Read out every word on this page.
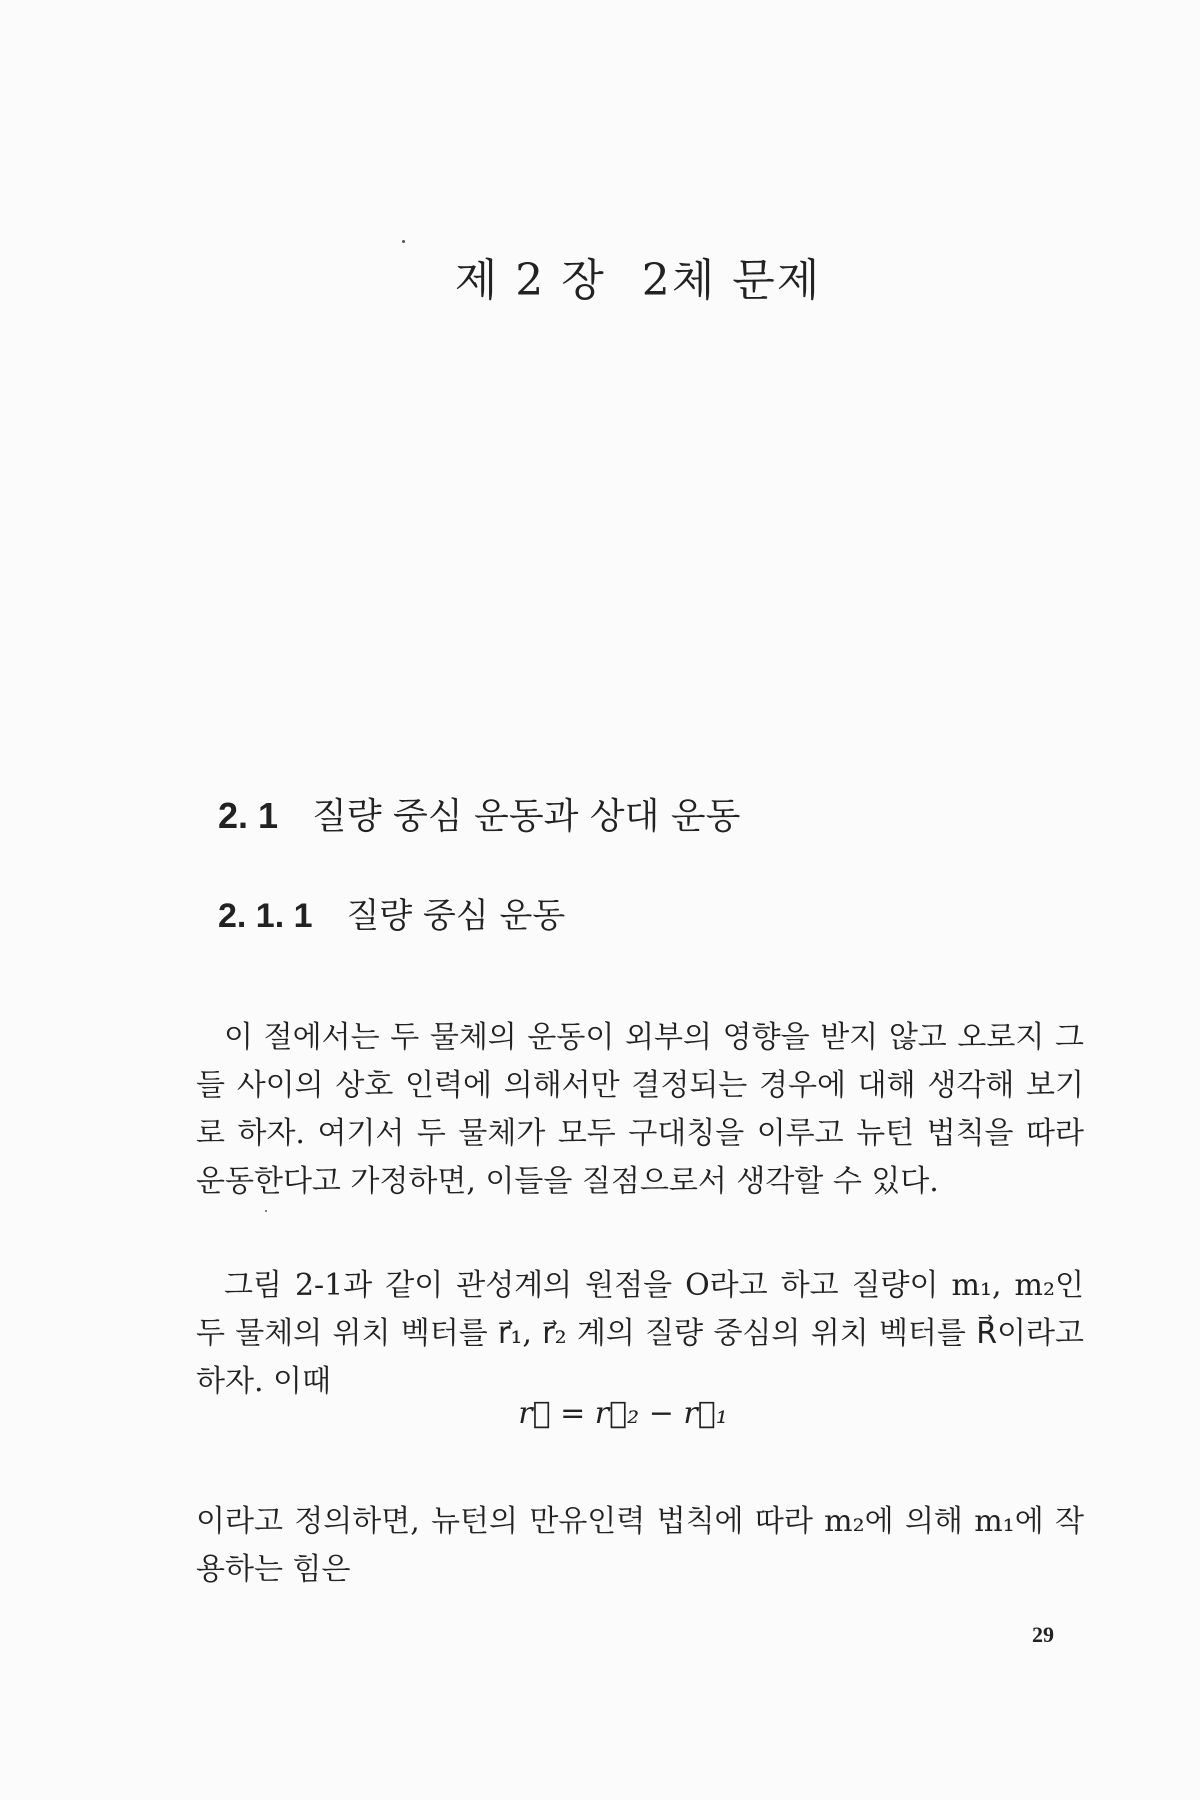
제 2 장 2체 문제
2. 1 질량 중심 운동과 상대 운동
2. 1. 1 질량 중심 운동

이 절에서는 두 물체의 운동이 외부의 영향을 받지 않고 오로지 그들 사이의 상호 인력에 의해서만 결정되는 경우에 대해 생각해 보기로 하자. 여기서 두 물체가 모두 구대칭을 이루고 뉴턴 법칙을 따라 운동한다고 가정하면, 이들을 질점으로서 생각할 수 있다.

그림 2-1과 같이 관성계의 원점을 O라고 하고 질량이 m₁, m₂인 두 물체의 위치 벡터를 r⃗₁, r⃗₂ 계의 질량 중심의 위치 벡터를 R⃗이라고 하자. 이때

r⃗ = r⃗₂ − r⃗₁

이라고 정의하면, 뉴턴의 만유인력 법칙에 따라 m₂에 의해 m₁에 작용하는 힘은

29
